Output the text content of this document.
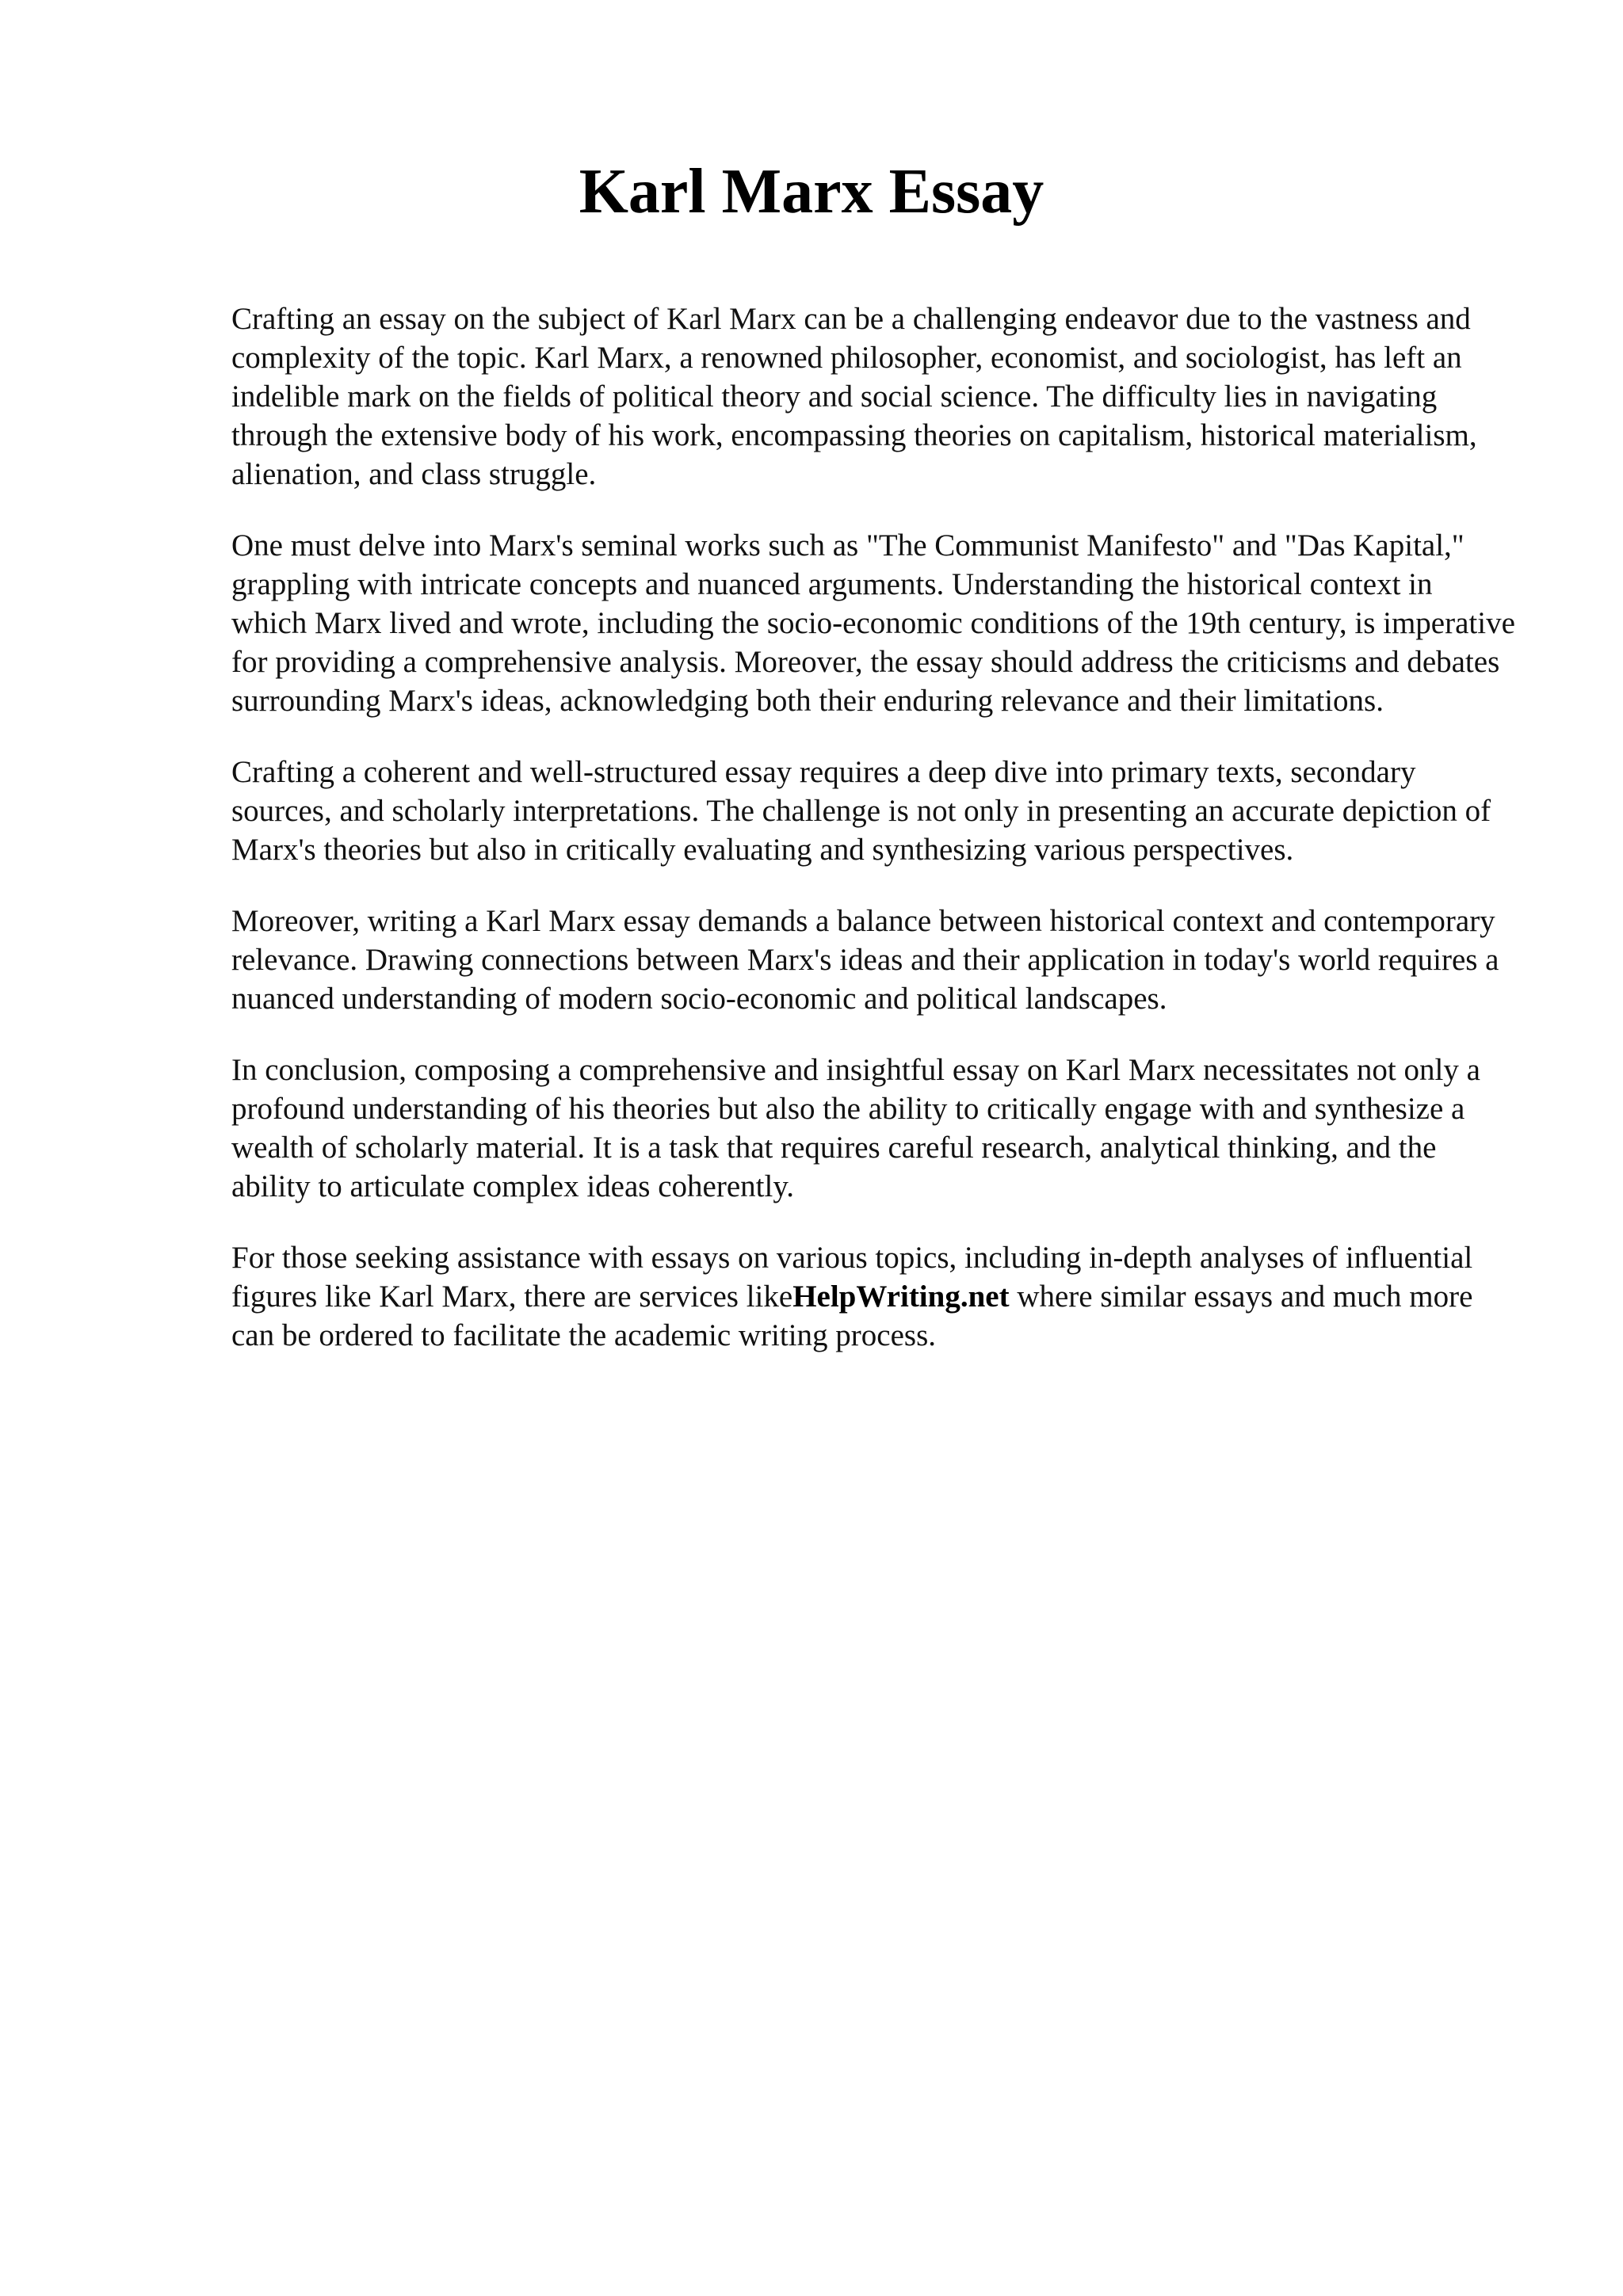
Karl Marx Essay

Crafting an essay on the subject of Karl Marx can be a challenging endeavor due to the vastness and complexity of the topic. Karl Marx, a renowned philosopher, economist, and sociologist, has left an indelible mark on the fields of political theory and social science. The difficulty lies in navigating through the extensive body of his work, encompassing theories on capitalism, historical materialism, alienation, and class struggle.

One must delve into Marx's seminal works such as "The Communist Manifesto" and "Das Kapital," grappling with intricate concepts and nuanced arguments. Understanding the historical context in which Marx lived and wrote, including the socio-economic conditions of the 19th century, is imperative for providing a comprehensive analysis. Moreover, the essay should address the criticisms and debates surrounding Marx's ideas, acknowledging both their enduring relevance and their limitations.

Crafting a coherent and well-structured essay requires a deep dive into primary texts, secondary sources, and scholarly interpretations. The challenge is not only in presenting an accurate depiction of Marx's theories but also in critically evaluating and synthesizing various perspectives.

Moreover, writing a Karl Marx essay demands a balance between historical context and contemporary relevance. Drawing connections between Marx's ideas and their application in today's world requires a nuanced understanding of modern socio-economic and political landscapes.

In conclusion, composing a comprehensive and insightful essay on Karl Marx necessitates not only a profound understanding of his theories but also the ability to critically engage with and synthesize a wealth of scholarly material. It is a task that requires careful research, analytical thinking, and the ability to articulate complex ideas coherently.

For those seeking assistance with essays on various topics, including in-depth analyses of influential figures like Karl Marx, there are services likeHelpWriting.net where similar essays and much more can be ordered to facilitate the academic writing process.
